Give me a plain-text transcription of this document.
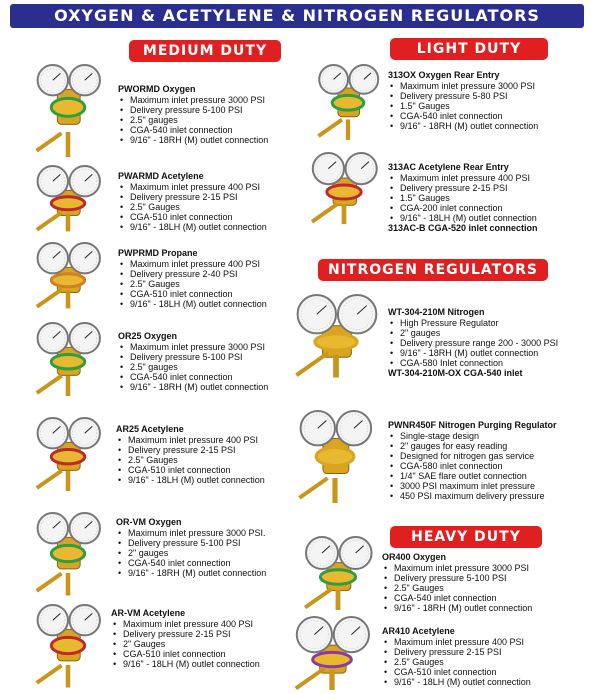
OXYGEN & ACETYLENE & NITROGEN REGULATORS
MEDIUM DUTY	LIGHT DUTY
NITROGEN REGULATORS
HEAVY DUTY
PWORMD Oxygen
• Maximum inlet pressure 3000 PSI
• Delivery pressure 5-100 PSI
• 2.5" gauges
• CGA-540 inlet connection
• 9/16" - 18RH (M) outlet connection
PWARMD Acetylene
• Maximum inlet pressure 400 PSI
• Delivery pressure 2-15 PSI
• 2.5" Gauges
• CGA-510 inlet connection
• 9/16" - 18LH (M) outlet connection
PWPRMD Propane
• Maximum inlet pressure 400 PSI
• Delivery pressure 2-40 PSI
• 2.5" Gauges
• CGA-510 inlet connection
• 9/16" - 18LH (M) outlet connection
OR25 Oxygen
• Maximum inlet pressure 3000 PSI
• Delivery pressure 5-100 PSI
• 2.5" gauges
• CGA-540 inlet connection
• 9/16" - 18RH (M) outlet connection
AR25 Acetylene
• Maximum inlet pressure 400 PSI
• Delivery pressure 2-15 PSI
• 2.5" Gauges
• CGA-510 inlet connection
• 9/16" - 18LH (M) outlet connection
OR-VM Oxygen
• Maximum inlet pressure 3000 PSI.
• Delivery pressure 5-100 PSI
• 2" gauges
• CGA-540 inlet connection
• 9/16" - 18RH (M) outlet connection
AR-VM Acetylene
• Maximum inlet pressure 400 PSI
• Delivery pressure 2-15 PSI
• 2" Gauges
• CGA-510 inlet connection
• 9/16" - 18LH (M) outlet connection
313OX Oxygen Rear Entry
• Maximum inlet pressure 3000 PSI
• Delivery pressure 5-80 PSI
• 1.5" Gauges
• CGA-540 inlet connection
• 9/16" - 18RH (M) outlet connection
313AC Acetylene Rear Entry
• Maximum inlet pressure 400 PSI
• Delivery pressure 2-15 PSI
• 1.5" Gauges
• CGA-200 inlet connection
• 9/16" - 18LH (M) outlet connection
313AC-B CGA-520 inlet connection
WT-304-210M Nitrogen
• High Pressure Regulator
• 2" gauges
• Delivery pressure range 200 - 3000 PSI
• 9/16" - 18RH (M) outlet connection
• CGA-580 Inlet connection
WT-304-210M-OX CGA-540 inlet
PWNR450F Nitrogen Purging Regulator
• Single-stage design
• 2" gauges for easy reading
• Designed for nitrogen gas service
• CGA-580 inlet connection
• 1/4" SAE flare outlet connection
• 3000 PSI maximum inlet pressure
• 450 PSI maximum delivery pressure
OR400 Oxygen
• Maximum inlet pressure 3000 PSI
• Delivery pressure 5-100 PSI
• 2.5" Gauges
• CGA-540 inlet connection
• 9/16" - 18RH (M) outlet connection
AR410 Acetylene
• Maximum inlet pressure 400 PSI
• Delivery pressure 2-15 PSI
• 2.5" Gauges
• CGA-510 inlet connection
• 9/16" - 18LH (M) outlet connection
